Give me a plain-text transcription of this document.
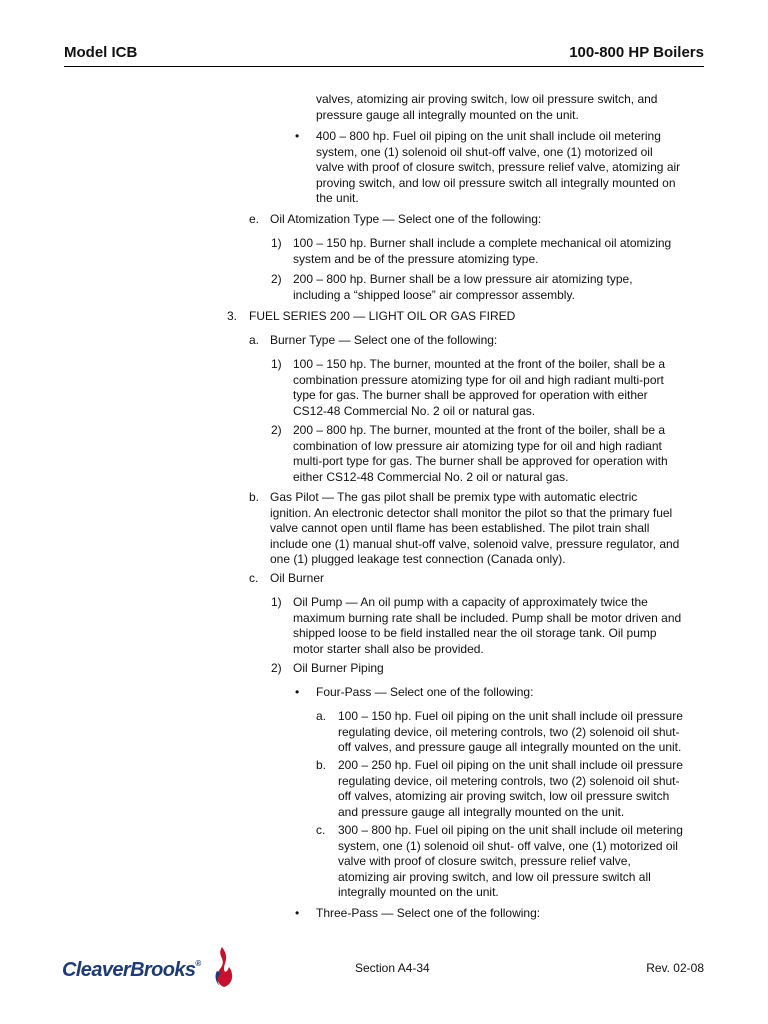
Model ICB	100-800 HP Boilers
valves, atomizing air proving switch, low oil pressure switch, and
pressure gauge all integrally mounted on the unit.
• 400 – 800 hp. Fuel oil piping on the unit shall include oil metering
system, one (1) solenoid oil shut-off valve, one (1) motorized oil
valve with proof of closure switch, pressure relief valve, atomizing air
proving switch, and low oil pressure switch all integrally mounted on
the unit.
e. Oil Atomization Type — Select one of the following:
1) 100 – 150 hp. Burner shall include a complete mechanical oil atomizing
system and be of the pressure atomizing type.
2) 200 – 800 hp. Burner shall be a low pressure air atomizing type,
including a “shipped loose” air compressor assembly.
3. FUEL SERIES 200 — LIGHT OIL OR GAS FIRED
a. Burner Type — Select one of the following:
1) 100 – 150 hp. The burner, mounted at the front of the boiler, shall be a
combination pressure atomizing type for oil and high radiant multi-port
type for gas. The burner shall be approved for operation with either
CS12-48 Commercial No. 2 oil or natural gas.
2) 200 – 800 hp. The burner, mounted at the front of the boiler, shall be a
combination of low pressure air atomizing type for oil and high radiant
multi-port type for gas. The burner shall be approved for operation with
either CS12-48 Commercial No. 2 oil or natural gas.
b. Gas Pilot — The gas pilot shall be premix type with automatic electric
ignition. An electronic detector shall monitor the pilot so that the primary fuel
valve cannot open until flame has been established. The pilot train shall
include one (1) manual shut-off valve, solenoid valve, pressure regulator, and
one (1) plugged leakage test connection (Canada only).
c. Oil Burner
1) Oil Pump — An oil pump with a capacity of approximately twice the
maximum burning rate shall be included. Pump shall be motor driven and
shipped loose to be field installed near the oil storage tank. Oil pump
motor starter shall also be provided.
2) Oil Burner Piping
• Four-Pass — Select one of the following:
a. 100 – 150 hp. Fuel oil piping on the unit shall include oil pressure
regulating device, oil metering controls, two (2) solenoid oil shut-
off valves, and pressure gauge all integrally mounted on the unit.
b. 200 – 250 hp. Fuel oil piping on the unit shall include oil pressure
regulating device, oil metering controls, two (2) solenoid oil shut-
off valves, atomizing air proving switch, low oil pressure switch
and pressure gauge all integrally mounted on the unit.
c. 300 – 800 hp. Fuel oil piping on the unit shall include oil metering
system, one (1) solenoid oil shut- off valve, one (1) motorized oil
valve with proof of closure switch, pressure relief valve,
atomizing air proving switch, and low oil pressure switch all
integrally mounted on the unit.
• Three-Pass — Select one of the following:
Section A4-34	Rev. 02-08
CleaverBrooks®
